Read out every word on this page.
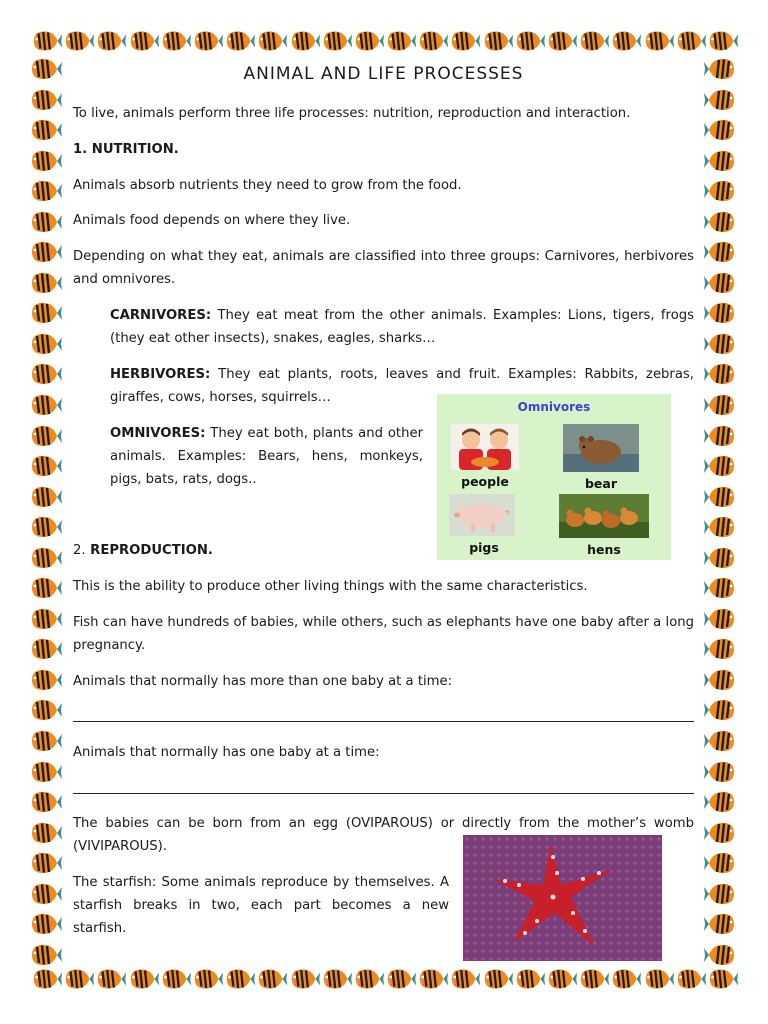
ANIMAL AND LIFE PROCESSES

To live, animals perform three life processes: nutrition, reproduction and interaction.

1. NUTRITION.

Animals absorb nutrients they need to grow from the food.

Animals food depends on where they live.

Depending on what they eat, animals are classified into three groups: Carnivores, herbivores and omnivores.

CARNIVORES: They eat meat from the other animals. Examples: Lions, tigers, frogs (they eat other insects), snakes, eagles, sharks…

HERBIVORES: They eat plants, roots, leaves and fruit. Examples: Rabbits, zebras, giraffes, cows, horses, squirrels…

OMNIVORES: They eat both, plants and other animals. Examples: Bears, hens, monkeys, pigs, bats, rats, dogs..

Omnivores
people	bear
pigs	hens

2. REPRODUCTION.

This is the ability to produce other living things with the same characteristics.

Fish can have hundreds of babies, while others, such as elephants have one baby after a long pregnancy.

Animals that normally has more than one baby at a time:

Animals that normally has one baby at a time:

The babies can be born from an egg (OVIPAROUS) or directly from the mother’s womb (VIVIPAROUS).

The starfish: Some animals reproduce by themselves. A starfish breaks in two, each part becomes a new starfish.
